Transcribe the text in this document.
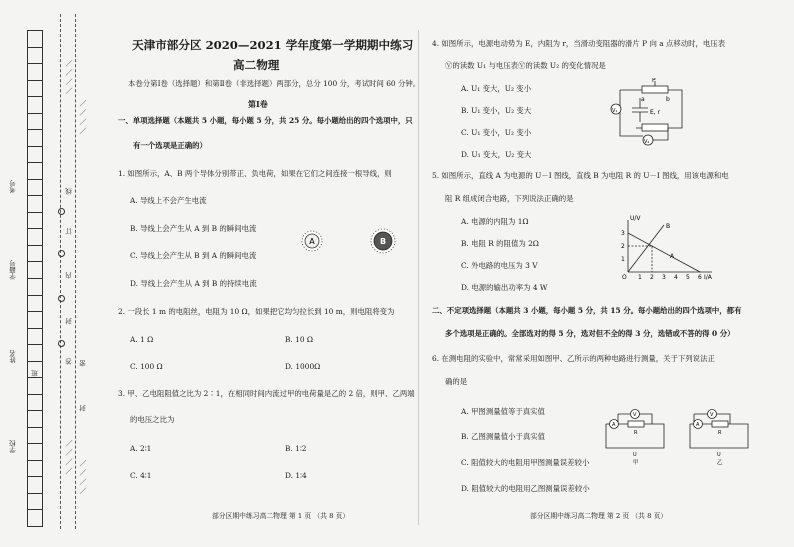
考号
学籍号
姓名
班
学校
线
订
内
封
答 密
封
／ ／ ／ ／
／ ／ ／ ／
／ ／ ／ ／
／ ／ ／ ／
天津市部分区 2020—2021 学年度第一学期期中练习
高二物理
本卷分第Ⅰ卷（选择题）和第Ⅱ卷（非选择题）两部分，总分 100 分，考试时间 60 分钟。
第Ⅰ卷
一、单项选择题（本题共 5 小题，每小题 5 分，共 25 分。每小题给出的四个选项中，只
有一个选项是正确的）
1. 如图所示，A、B 两个导体分别带正、负电荷，如果在它们之间连接一根导线，则
A. 导线上不会产生电流
B. 导线上会产生从 A 到 B 的瞬间电流
C. 导线上会产生从 B 到 A 的瞬间电流
D. 导线上会产生从 A 到 B 的持续电流
A	B
2. 一段长 1 m 的电阻丝，电阻为 10 Ω，如果把它均匀拉长到 10 m，则电阻将变为
A. 1 Ω	B. 10 Ω
C. 100 Ω	D. 1000Ω
3. 甲、乙电阻阻值之比为 2∶1，在相同时间内流过甲的电荷量是乙的 2 倍，则甲、乙两端
的电压之比为
A. 2∶1	B. 1∶2
C. 4∶1	D. 1∶4
部分区期中练习高二物理 第 1 页 （共 8 页）
4. 如图所示，电源电动势为 E，内阻为 r，当滑动变阻器的滑片 P 向 a 点移动时，电压表
Ⓥ的读数 U₁ 与电压表Ⓥ的读数 U₂ 的变化情况是
A. U₁ 变大，U₂ 变小
B. U₁ 变小，U₂ 变大
C. U₁ 变小，U₂ 变小
D. U₁ 变大，U₂ 变大
P
a	b
E, r
V₁
V₂
5. 如图所示，直线 A 为电源的 U－I 图线，直线 B 为电阻 R 的 U－I 图线，用该电源和电
阻 R 组成闭合电路，下列说法正确的是
A. 电源的内阻为 1Ω
B. 电阻 R 的阻值为 2Ω
C. 外电路的电压为 3 V
D. 电源的输出功率为 4 W
U/V
I/A
3
2
1
O 1 2 3 4 5 6
A
B
二、不定项选择题（本题共 3 小题，每小题 5 分，共 15 分。每小题给出的四个选项中，都有
多个选项是正确的。全部选对的得 5 分，选对但不全的得 3 分，选错或不答的得 0 分）
6. 在测电阻的实验中，常常采用如图甲、乙所示的两种电路进行测量，关于下列说法正
确的是
A. 甲图测量值等于真实值
B. 乙图测量值小于真实值
C. 阻值较大的电阻用甲图测量误差较小
D. 阻值较大的电阻用乙图测量误差较小
V
A
R
U
甲
V
A
R
U
乙
部分区期中练习高二物理 第 2 页 （共 8 页）
